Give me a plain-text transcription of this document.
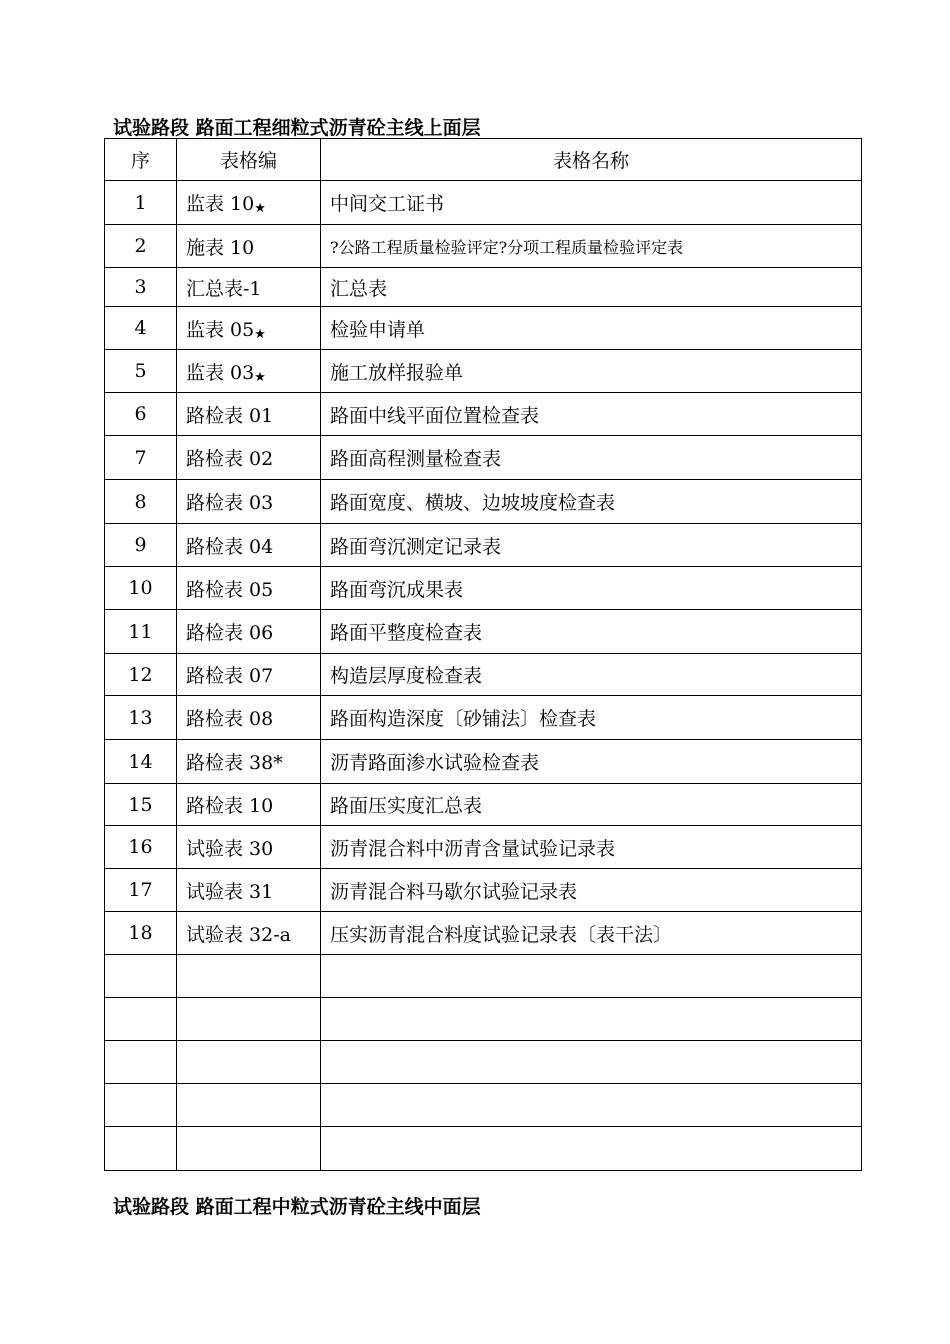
试验路段 路面工程细粒式沥青砼主线上面层
序	表格编	表格名称
1	监表 10★	中间交工证书
2	施表 10	?公路工程质量检验评定?分项工程质量检验评定表
3	汇总表-1	汇总表
4	监表 05★	检验申请单
5	监表 03★	施工放样报验单
6	路检表 01	路面中线平面位置检查表
7	路检表 02	路面高程测量检查表
8	路检表 03	路面宽度、横坡、边坡坡度检查表
9	路检表 04	路面弯沉测定记录表
10	路检表 05	路面弯沉成果表
11	路检表 06	路面平整度检查表
12	路检表 07	构造层厚度检查表
13	路检表 08	路面构造深度〔砂铺法〕检查表
14	路检表 38*	沥青路面渗水试验检查表
15	路检表 10	路面压实度汇总表
16	试验表 30	沥青混合料中沥青含量试验记录表
17	试验表 31	沥青混合料马歇尔试验记录表
18	试验表 32-a	压实沥青混合料度试验记录表〔表干法〕

试验路段 路面工程中粒式沥青砼主线中面层
